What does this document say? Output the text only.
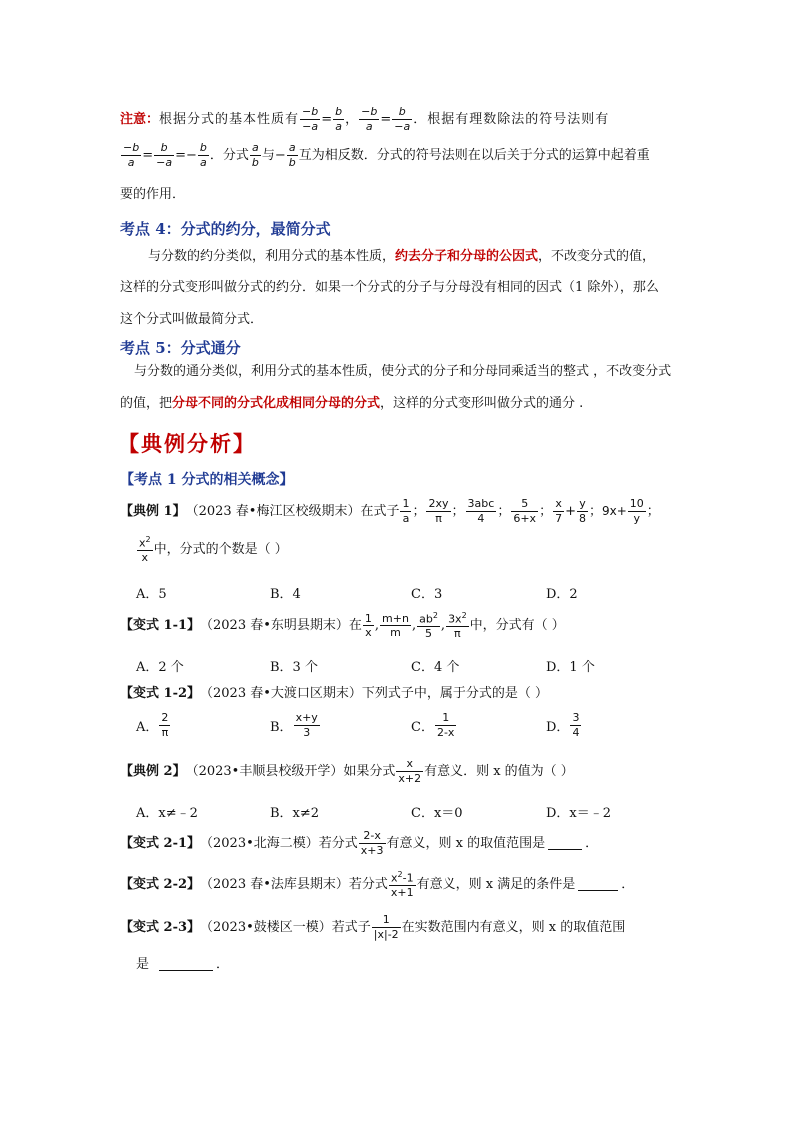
注意： 根据分式的基本性质有 $\frac{-b}{-a} = \frac{b}{a}$ ， $\frac{-b}{a} = \frac{b}{-a}$ ．根据有理数除法的符号法则有
$\frac{-b}{a} = \frac{b}{-a}$ = − $\frac{b}{a}$ ．分式 $\frac{a}{b}$ 与 − $\frac{a}{b}$ 互为相反数．分式的符号法则在以后关于分式的运算中起着重
要的作用．
考点 4：分式的约分，最简分式
与分数的约分类似，利用分式的基本性质，约去分子和分母的公因式，不改变分式的值，
这样的分式变形叫做分式的约分．如果一个分式的分子与分母没有相同的因式（1 除外），那么
这个分式叫做最简分式．
考点 5：分式通分
与分数的通分类似，利用分式的基本性质，使分式的分子和分母同乘适当的整式 ，不改变分式
的值，把分母不同的分式化成相同分母的分式，这样的分式变形叫做分式的通分 .
【典例分析】
【考点 1 分式的相关概念】
【典例 1】 （2023 春•梅江区校级期末）在式子 $\frac{1}{a}$ ； $\frac{2xy}{\pi}$ ； $\frac{\text{3abc}}{4}$ ； $\frac{5}{6+x}$ ； $\frac{x}{7} + \frac{y}{8}$ ； $9x+ \frac{10}{y}$ ；
$\frac{x^2}{x}$ 中，分式的个数是（ ）
A．5	B．4	C．3	D．2
【变式 1-1】 （2023 春•东明县期末）在 $\frac{1}{x}$ , $\frac{m+n}{m}$ , $\frac{ab^2}{5}$ , $\frac{3x^2}{\pi}$ 中，分式有（ ）
A．2 个	B．3 个	C．4 个	D．1 个
【变式 1-2】 （2023 春•大渡口区期末）下列式子中，属于分式的是（ ）
A． $\frac{2}{\pi}$	B． $\frac{x+y}{3}$	C． $\frac{1}{2-x}$	D． $\frac{3}{4}$
【典例 2】 （2023•丰顺县校级开学）如果分式 $\frac{x}{x+2}$ 有意义．则 x 的值为（ ）
A．x≠﹣2	B．x≠2	C．x＝0	D．x＝﹣2
【变式 2-1】 （2023•北海二模）若分式 $\frac{2-x}{x+3}$ 有意义，则 x 的取值范围是	．
【变式 2-2】 （2023 春•法库县期末）若分式 $\frac{x^2-1}{x+1}$ 有意义，则 x 满足的条件是	．
【变式 2-3】 （2023•鼓楼区一模）若式子 $\frac{1}{|x|-2}$ 在实数范围内有意义，则 x 的取值范围
是	．
